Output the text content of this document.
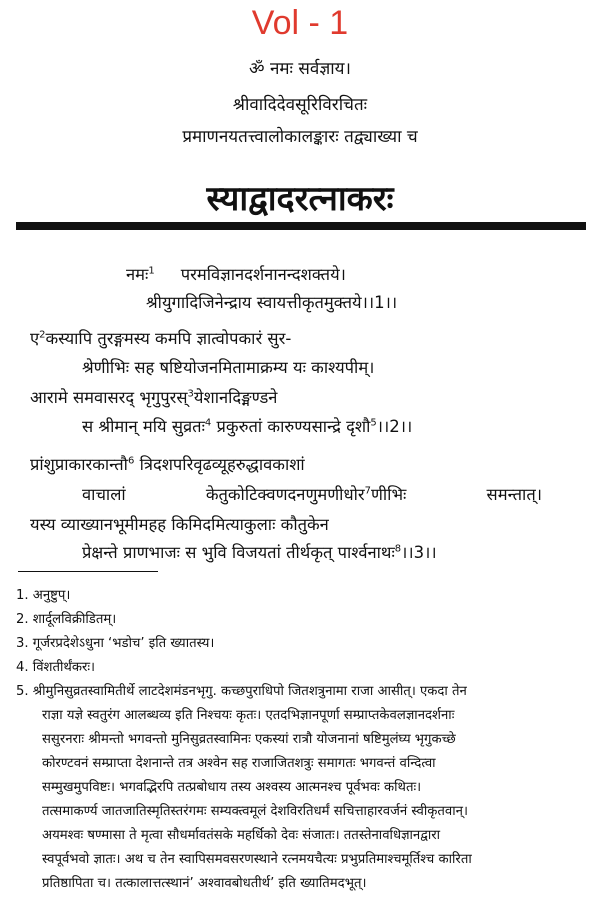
Vol - 1
ॐ नमः सर्वज्ञाय।
श्रीवादिदेवसूरिविरचितः
प्रमाणनयतत्त्वालोकालङ्कारः तद्व्याख्या च
स्याद्वादरत्नाकरः
नमः$^1$ परमविज्ञानदर्शनानन्दशक्तये।
श्रीयुगादिजिनेन्द्राय स्वायत्तीकृतमुक्तये।।1।।
ए$^2$कस्यापि तुरङ्गमस्य कमपि ज्ञात्वोपकारं सुर-
श्रेणीभिः सह षष्टियोजनमितामाक्रम्य यः काश्यपीम्।
आरामे समवासरद् भृगुपुरस्$^3$येशानदिङ्मण्डने
स श्रीमान् मयि सुव्रतः$^4$ प्रकुरुतां कारुण्यसान्द्रे दृशौ$^5$।।2।।
प्रांशुप्राकारकान्तौ$^6$ त्रिदशपरिवृढव्यूहरुद्धावकाशां
वाचालां	केतुकोटिक्वणदनणुमणीधोर$^7$णीभिः	समन्तात्।
यस्य व्याख्यानभूमीमहह किमिदमित्याकुलाः कौतुकेन
प्रेक्षन्ते प्राणभाजः स भुवि विजयतां तीर्थकृत् पार्श्वनाथः$^8$।।3।।
1. अनुष्टुप्।
2. शार्दूलविक्रीडितम्।
3. गूर्जरप्रदेशेऽधुना ‘भडोच’ इति ख्यातस्य।
4. विंशतीर्थंकरः।
5. श्रीमुनिसुव्रतस्वामितीर्थे लाटदेशमंडनभृगु. कच्छपुराधिपो जितशत्रुनामा राजा आसीत्। एकदा तेन
राज्ञा यज्ञे स्वतुरंग आलब्धव्य इति निश्चयः कृतः। एतदभिज्ञानपूर्णा सम्प्राप्तकेवलज्ञानदर्शनाः
ससुरनराः श्रीमन्तो भगवन्तो मुनिसुव्रतस्वामिनः एकस्यां रात्रौ योजनानां षष्टिमुलंघ्य भृगुकच्छे
कोरण्टवनं सम्प्राप्ता देशनान्ते तत्र अश्वेन सह राजाजितशत्रुः समागतः भगवन्तं वन्दित्वा
सम्मुखमुपविष्टः। भगवद्भिरपि तत्प्रबोधाय तस्य अश्वस्य आत्मनश्च पूर्वभवः कथितः।
तत्समाकर्ण्य जातजातिस्मृतिस्तरंगमः सम्यक्त्वमूलं देशविरतिधर्मं सचित्ताहारवर्जनं स्वीकृतवान्।
अयमश्वः षण्मासा ते मृत्वा सौधर्मावतंसके महर्धिको देवः संजातः। ततस्तेनावधिज्ञानद्वारा
स्वपूर्वभवो ज्ञातः। अथ च तेन स्वापिसमवसरणस्थाने रत्नमयचैत्यः प्रभुप्रतिमाश्चमूर्तिश्च कारिता
प्रतिष्ठापिता च। तत्कालात्तत्स्थानं’ अश्वावबोधतीर्थ’ इति ख्यातिमदभूत्।
